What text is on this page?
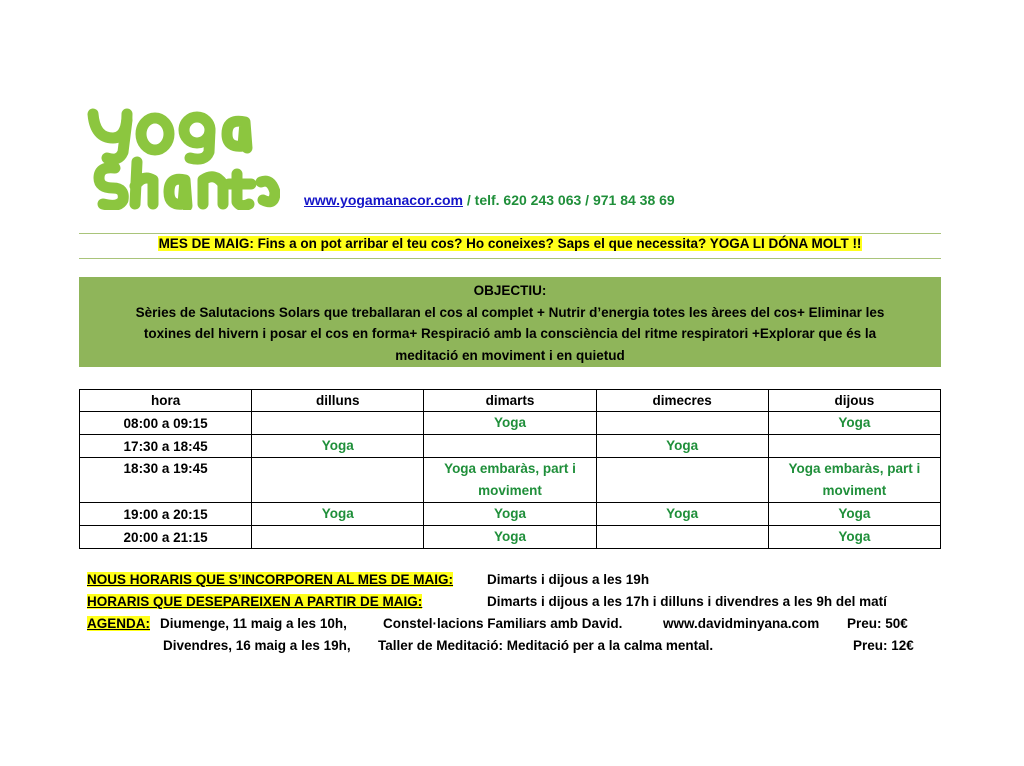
www.yogamanacor.com / telf. 620 243 063 / 971 84 38 69
MES DE MAIG: Fins a on pot arribar el teu cos? Ho coneixes? Saps el que necessita? YOGA LI DÓNA MOLT !!
OBJECTIU:
Sèries de Salutacions Solars que treballaran el cos al complet + Nutrir d’energia totes les àrees del cos+ Eliminar les
toxines del hivern i posar el cos en forma+ Respiració amb la consciència del ritme respiratori +Explorar que és la
meditació en moviment i en quietud
hora	dilluns	dimarts	dimecres	dijous
08:00 a 09:15		Yoga		Yoga
17:30 a 18:45	Yoga		Yoga	
18:30 a 19:45		Yoga embaràs, part i moviment		Yoga embaràs, part i moviment
19:00 a 20:15	Yoga	Yoga	Yoga	Yoga
20:00 a 21:15		Yoga		Yoga
NOUS HORARIS QUE S’INCORPOREN AL MES DE MAIG:	Dimarts i dijous a les 19h
HORARIS QUE DESEPAREIXEN A PARTIR DE MAIG:	Dimarts i dijous a les 17h i dilluns i divendres a les 9h del matí
AGENDA: Diumenge, 11 maig a les 10h,	Constel·lacions Familiars amb David.	www.davidminyana.com Preu: 50€
Divendres, 16 maig a les 19h, Taller de Meditació: Meditació per a la calma mental.	Preu: 12€
